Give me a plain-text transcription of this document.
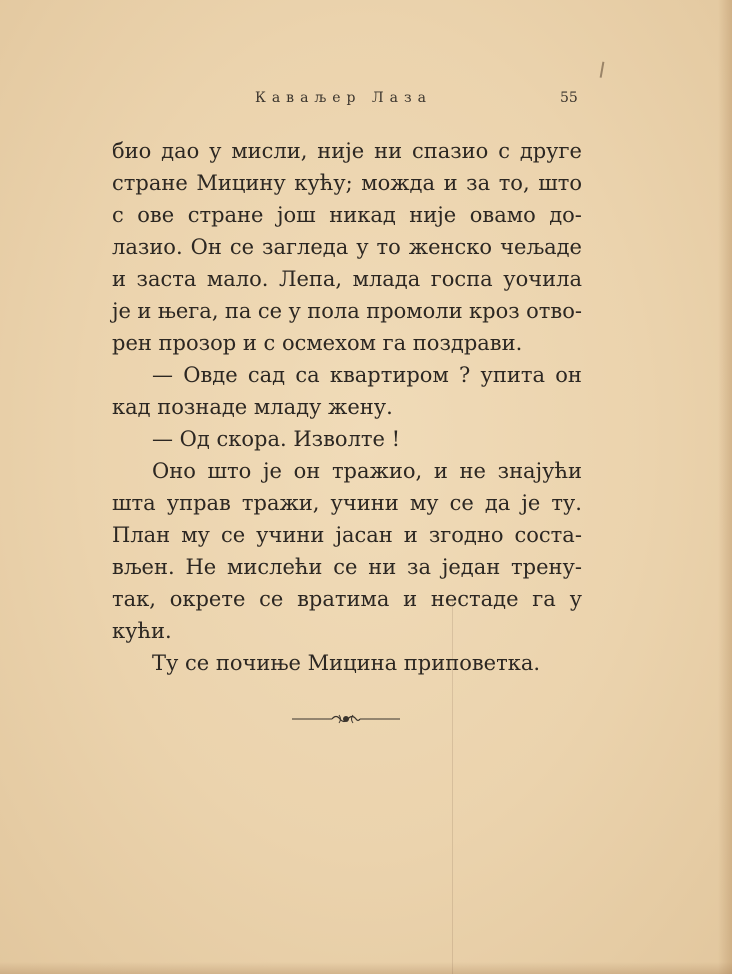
Каваљер Лаза	55
био дао у мисли, није ни спазио с друге
стране Мицину кућу; можда и за то, што
с ове стране још никад није овамо до-
лазио. Он се загледа у то женско чељаде
и заста мало. Лепа, млада госпа уочила
је и њега, па се у пола промоли кроз отво-
рен прозор и с осмехом га поздрави.
— Овде сад са квартиром ? упита он
кад познаде младу жену.
— Од скора. Изволте !
Оно што је он тражио, и не знајући
шта управ тражи, учини му се да је ту.
План му се учини јасан и згодно соста-
вљен. Не мислећи се ни за један трену-
так, окрете се вратима и нестаде га у
кући.
Ту се почиње Мицина приповетка.
